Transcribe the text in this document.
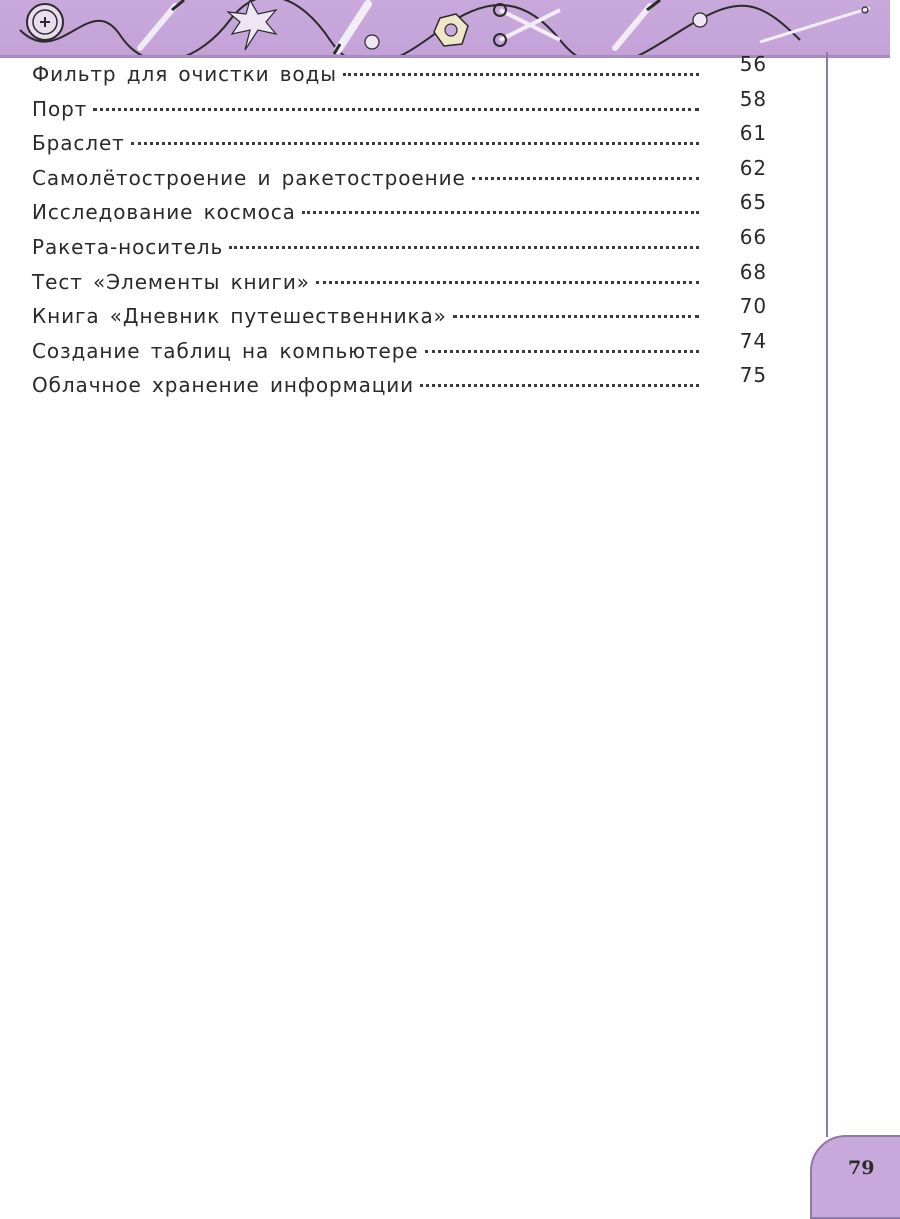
Фильтр для очистки воды	56
Порт	58
Браслет	61
Самолётостроение и ракетостроение	62
Исследование космоса	65
Ракета-носитель	66
Тест «Элементы книги»	68
Книга «Дневник путешественника»	70
Создание таблиц на компьютере	74
Облачное хранение информации	75
79
